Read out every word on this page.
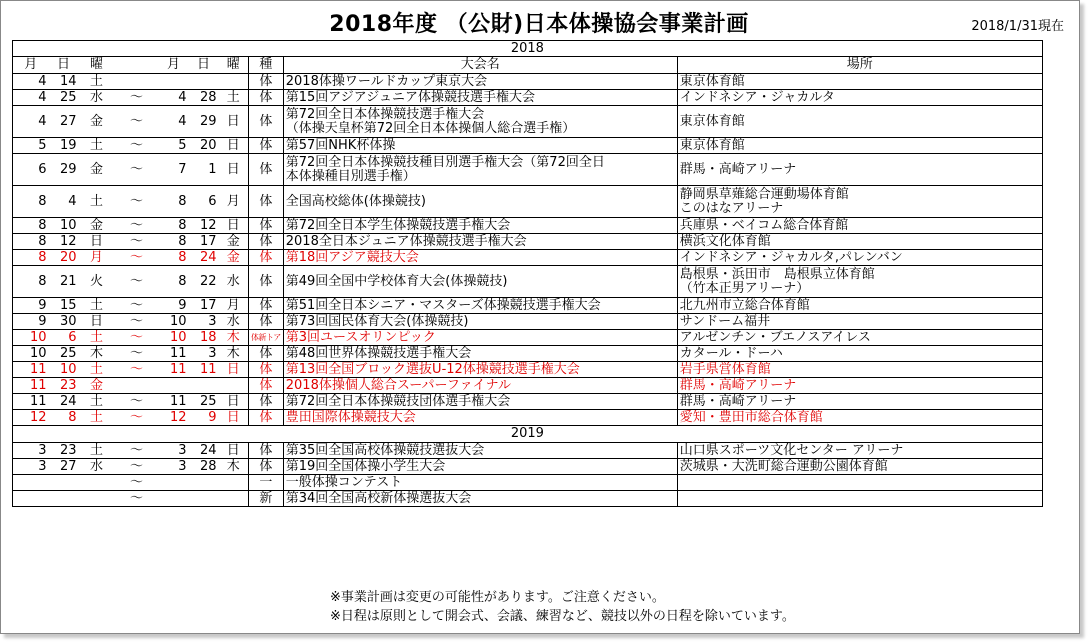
2018年度 （公財)日本体操協会事業計画	2018/1/31現在
2018									
月	日	曜		月	日	曜	種	大会名	場所
4	14	土					体	2018体操ワールドカップ東京大会	東京体育館

4	25	水	～	4	28	土	体	第15回アジアジュニア体操競技選手権大会	インドネシア・ジャカルタ

4	27	金	～	4	29	日	体	第72回全日本体操競技選手権大会
（体操天皇杯第72回全日本体操個人総合選手権）	東京体育館

5	19	土	～	5	20	日	体	第57回NHK杯体操	東京体育館

6	29	金	～	7	1	日	体	第72回全日本体操競技種目別選手権大会（第72回全日
本体操種目別選手権）	群馬・高崎アリーナ

8	4	土	～	8	6	月	体	全国高校総体(体操競技)	静岡県草薙総合運動場体育館
このはなアリーナ

8	10	金	～	8	12	日	体	第72回全日本学生体操競技選手権大会	兵庫県・ベイコム総合体育館

8	12	日	～	8	17	金	体	2018全日本ジュニア体操競技選手権大会	横浜文化体育館

8	20	月	～	8	24	金	体	第18回アジア競技大会	インドネシア・ジャカルタ,パレンバン

8	21	火	～	8	22	水	体	第49回全国中学校体育大会(体操競技)	島根県・浜田市　島根県立体育館
（竹本正男アリーナ）

9	15	土	～	9	17	月	体	第51回全日本シニア・マスターズ体操競技選手権大会	北九州市立総合体育館

9	30	日	～	10	3	水	体	第73回国民体育大会(体操競技)	サンドーム福井

10	6	土	～	10	18	木	体新トア	第3回ユースオリンピック	アルゼンチン・ブエノスアイレス

10	25	木	～	11	3	木	体	第48回世界体操競技選手権大会	カタール・ドーハ

11	10	土	～	11	11	日	体	第13回全国ブロック選抜U-12体操競技選手権大会	岩手県営体育館

11	23	金					体	2018体操個人総合スーパーファイナル	群馬・高崎アリーナ

11	24	土	～	11	25	日	体	第72回全日本体操競技団体選手権大会	群馬・高崎アリーナ

12	8	土	～	12	9	日	体	豊田国際体操競技大会	愛知・豊田市総合体育館

2019									
3	23	土	～	3	24	日	体	第35回全国高校体操競技選抜大会	山口県スポーツ文化センター アリーナ

3	27	水	～	3	28	木	体	第19回全国体操小学生大会	茨城県・大洗町総合運動公園体育館

			～				一	一般体操コンテスト	

			～				新	第34回全国高校新体操選抜大会	

※事業計画は変更の可能性があります。ご注意ください。
※日程は原則として開会式、会議、練習など、競技以外の日程を除いています。
